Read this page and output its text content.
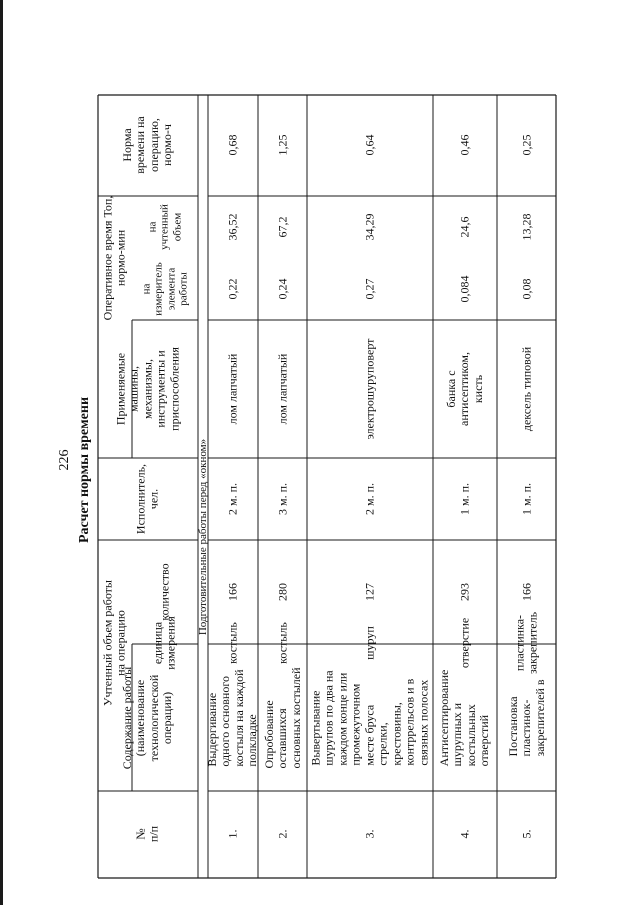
226 Расчет нормы времени
№ п/п
Содержание работы (наименование технологической операции)
Учтенный объем работы на операцию единица измерения
количество
Исполнитель, чел.
Применяемые машины, механизмы, инструменты и приспособления
Оперативное время Топ, нормо-мин
на измеритель элемента работы
на учтенный объем
Норма времени на операцию, нормо-ч
Подготовительные работы перед «окном»
1.
Выдергивание одного основного костыля на каждой полкладке
костыль
166
2 м. п.
лом лапчатый
0,22
36,52
0,68
2.
Опробование оставшихся основных костылей
костыль
280
3 м. п.
лом лапчатый
0,24
67,2
1,25
3.
Вывертывание шурупов по два на каждом конце или промежуточном месте бруса стрелки, крестовины, контррельсов и в связных полосах
шуруп
127
2 м. п.
электрошуруповерт
0,27
34,29
0,64
4.
Антисептирование шурупных и костыльных отверстий
отверстие
293
1 м. п.
банка с антисептиком, кисть
0,084
24,6
0,46
5.
Постановка пластинок- закрепителей в
пластинка- закрепитель
166
1 м. п.
дексель типовой
0,08
13,28
0,25
